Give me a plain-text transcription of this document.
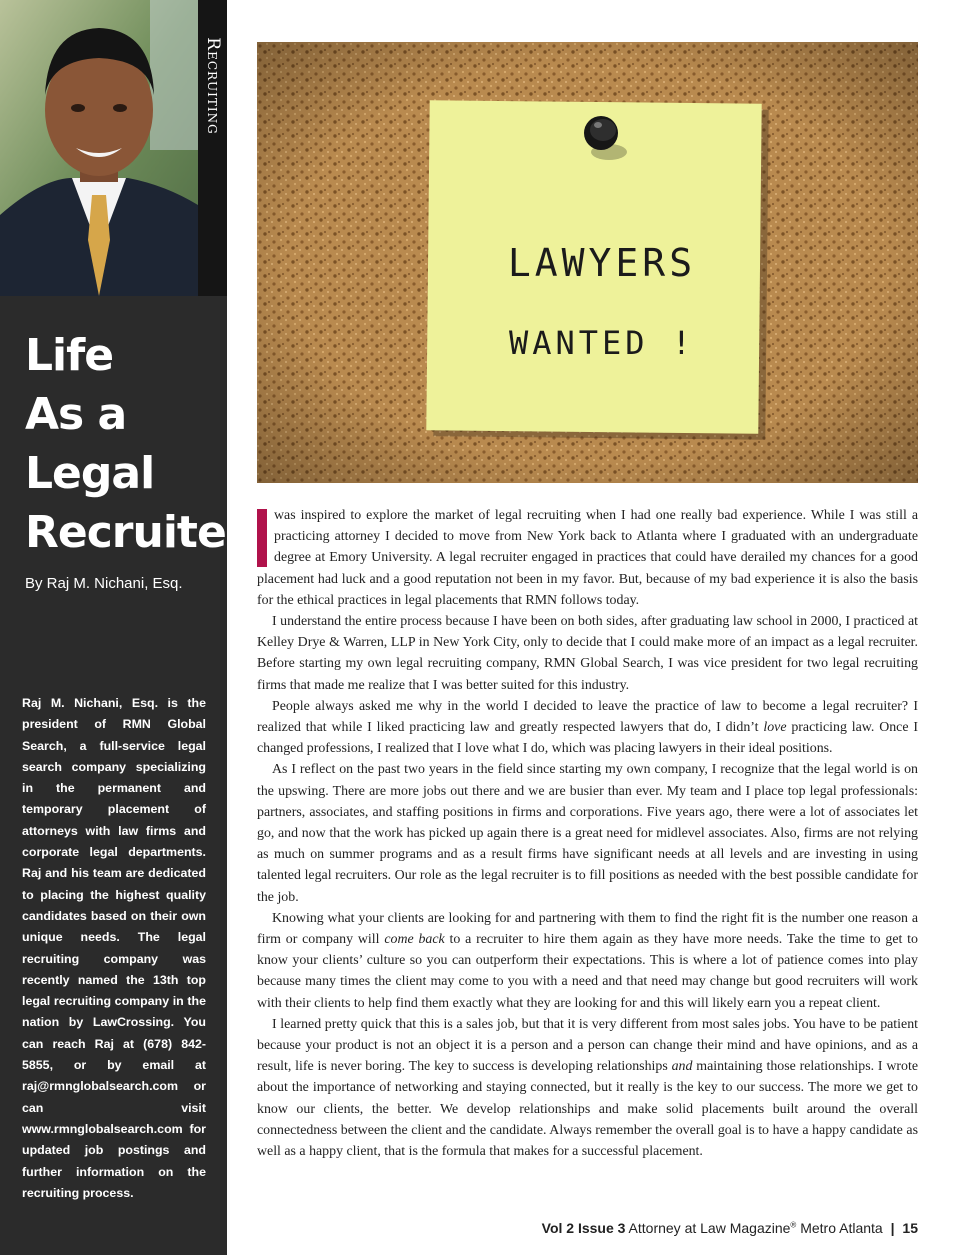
Recruiting
Life
As a
Legal
Recruiter
By Raj M. Nichani, Esq.
Raj M. Nichani, Esq. is the president of RMN Global Search, a full-service legal search company specializing in the permanent and temporary placement of attorneys with law firms and corporate legal departments. Raj and his team are dedicated to placing the highest quality candidates based on their own unique needs. The legal recruiting company was recently named the 13th top legal recruiting company in the nation by LawCrossing. You can reach Raj at (678) 842-5855, or by email at raj@rmnglobalsearch.com or can visit www.rmnglobalsearch.com for updated job postings and further information on the recruiting process.
LAWYERS
WANTED !

was inspired to explore the market of legal recruiting when I had one really bad experience. While I was still a practicing attorney I decided to move from New York back to Atlanta where I graduated with an undergraduate degree at Emory University. A legal recruiter engaged in practices that could have derailed my chances for a good placement had luck and a good reputation not been in my favor. But, because of my bad experience it is also the basis for the ethical practices in legal placements that RMN follows today.

I understand the entire process because I have been on both sides, after graduating law school in 2000, I practiced at Kelley Drye & Warren, LLP in New York City, only to decide that I could make more of an impact as a legal recruiter. Before starting my own legal recruiting company, RMN Global Search, I was vice president for two legal recruiting firms that made me realize that I was better suited for this industry.

People always asked me why in the world I decided to leave the practice of law to become a legal recruiter? I realized that while I liked practicing law and greatly respected lawyers that do, I didn’t love practicing law. Once I changed professions, I realized that I love what I do, which was placing lawyers in their ideal positions.

As I reflect on the past two years in the field since starting my own company, I recognize that the legal world is on the upswing. There are more jobs out there and we are busier than ever. My team and I place top legal professionals: partners, associates, and staffing positions in firms and corporations. Five years ago, there were a lot of associates let go, and now that the work has picked up again there is a great need for midlevel associates. Also, firms are not relying as much on summer programs and as a result firms have significant needs at all levels and are investing in using talented legal recruiters. Our role as the legal recruiter is to fill positions as needed with the best possible candidate for the job.

Knowing what your clients are looking for and partnering with them to find the right fit is the number one reason a firm or company will come back to a recruiter to hire them again as they have more needs. Take the time to get to know your clients’ culture so you can outperform their expectations. This is where a lot of patience comes into play because many times the client may come to you with a need and that need may change but good recruiters will work with their clients to help find them exactly what they are looking for and this will likely earn you a repeat client.

I learned pretty quick that this is a sales job, but that it is very different from most sales jobs. You have to be patient because your product is not an object it is a person and a person can change their mind and have opinions, and as a result, life is never boring. The key to success is developing relationships and maintaining those relationships. I wrote about the importance of networking and staying connected, but it really is the key to our success. The more we get to know our clients, the better. We develop relationships and make solid placements built around the overall connectedness between the client and the candidate. Always remember the overall goal is to have a happy candidate as well as a happy client, that is the formula that makes for a successful placement.

Vol 2 Issue 3 Attorney at Law Magazine® Metro Atlanta | 15
